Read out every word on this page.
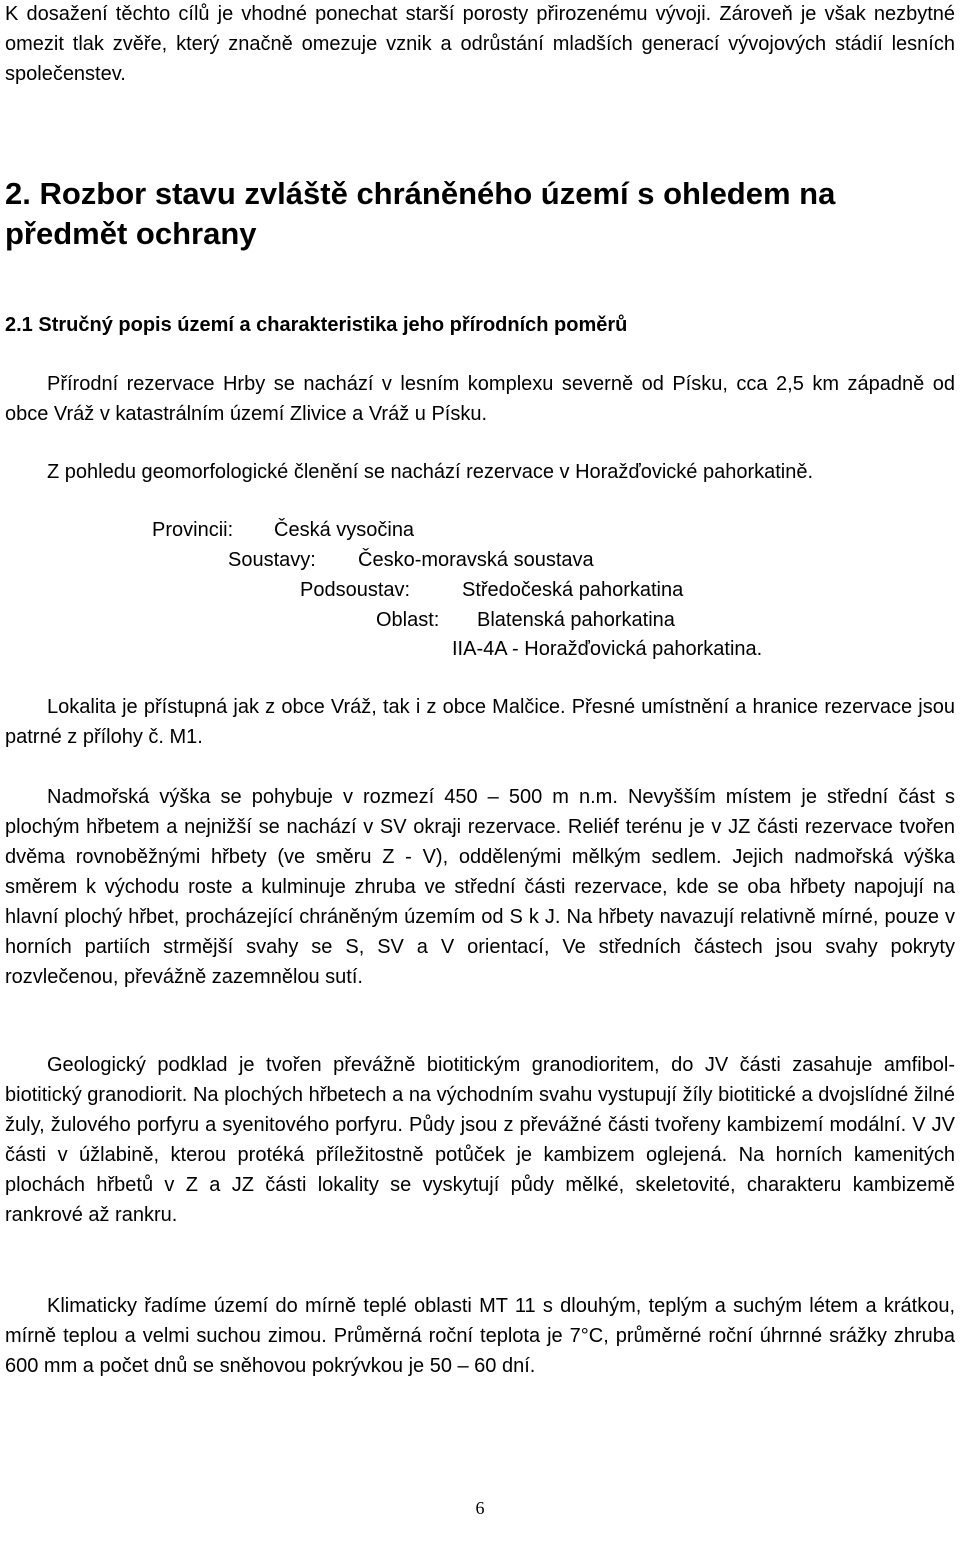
K dosažení těchto cílů je vhodné ponechat starší porosty přirozenému vývoji. Zároveň je však nezbytné omezit tlak zvěře, který značně omezuje vznik a odrůstání mladších generací vývojových stádií lesních společenstev.
2. Rozbor stavu zvláště chráněného území s ohledem na předmět ochrany
2.1 Stručný popis území a charakteristika jeho přírodních poměrů
Přírodní rezervace Hrby se nachází v lesním komplexu severně od Písku, cca 2,5 km západně od obce Vráž v katastrálním území Zlivice a Vráž u Písku.
Z pohledu geomorfologické členění se nachází rezervace v Horažďovické pahorkatině.
Provincii: Česká vysočina
Soustavy: Česko-moravská soustava
Podsoustav:	Středočeská pahorkatina
Oblast: Blatenská pahorkatina
IIA-4A - Horažďovická pahorkatina.
Lokalita je přístupná jak z obce Vráž, tak i z obce Malčice. Přesné umístnění a hranice rezervace jsou patrné z přílohy č. M1.
Nadmořská výška se pohybuje v rozmezí 450 – 500 m n.m. Nevyšším místem je střední část s plochým hřbetem a nejnižší se nachází v SV okraji rezervace. Reliéf terénu je v JZ části rezervace tvořen dvěma rovnoběžnými hřbety (ve směru Z - V), oddělenými mělkým sedlem. Jejich nadmořská výška směrem k východu roste a kulminuje zhruba ve střední části rezervace, kde se oba hřbety napojují na hlavní plochý hřbet, procházející chráněným územím od S k J. Na hřbety navazují relativně mírné, pouze v horních partiích strmější svahy se S, SV a V orientací, Ve středních částech jsou svahy pokryty rozvlečenou, převážně zazemnělou sutí.
Geologický podklad je tvořen převážně biotitickým granodioritem, do JV části zasahuje amfibol-biotitický granodiorit. Na plochých hřbetech a na východním svahu vystupují žíly biotitické a dvojslídné žilné žuly, žulového porfyru a syenitového porfyru. Půdy jsou z převážné části tvořeny kambizemí modální. V JV části v úžlabině, kterou protéká příležitostně potůček je kambizem oglejená. Na horních kamenitých plochách hřbetů v Z a JZ části lokality se vyskytují půdy mělké, skeletovité, charakteru kambizemě rankrové až rankru.
Klimaticky řadíme území do mírně teplé oblasti MT 11 s dlouhým, teplým a suchým létem a krátkou, mírně teplou a velmi suchou zimou. Průměrná roční teplota je 7°C, průměrné roční úhrnné srážky zhruba 600 mm a počet dnů se sněhovou pokrývkou je 50 – 60 dní.
6
